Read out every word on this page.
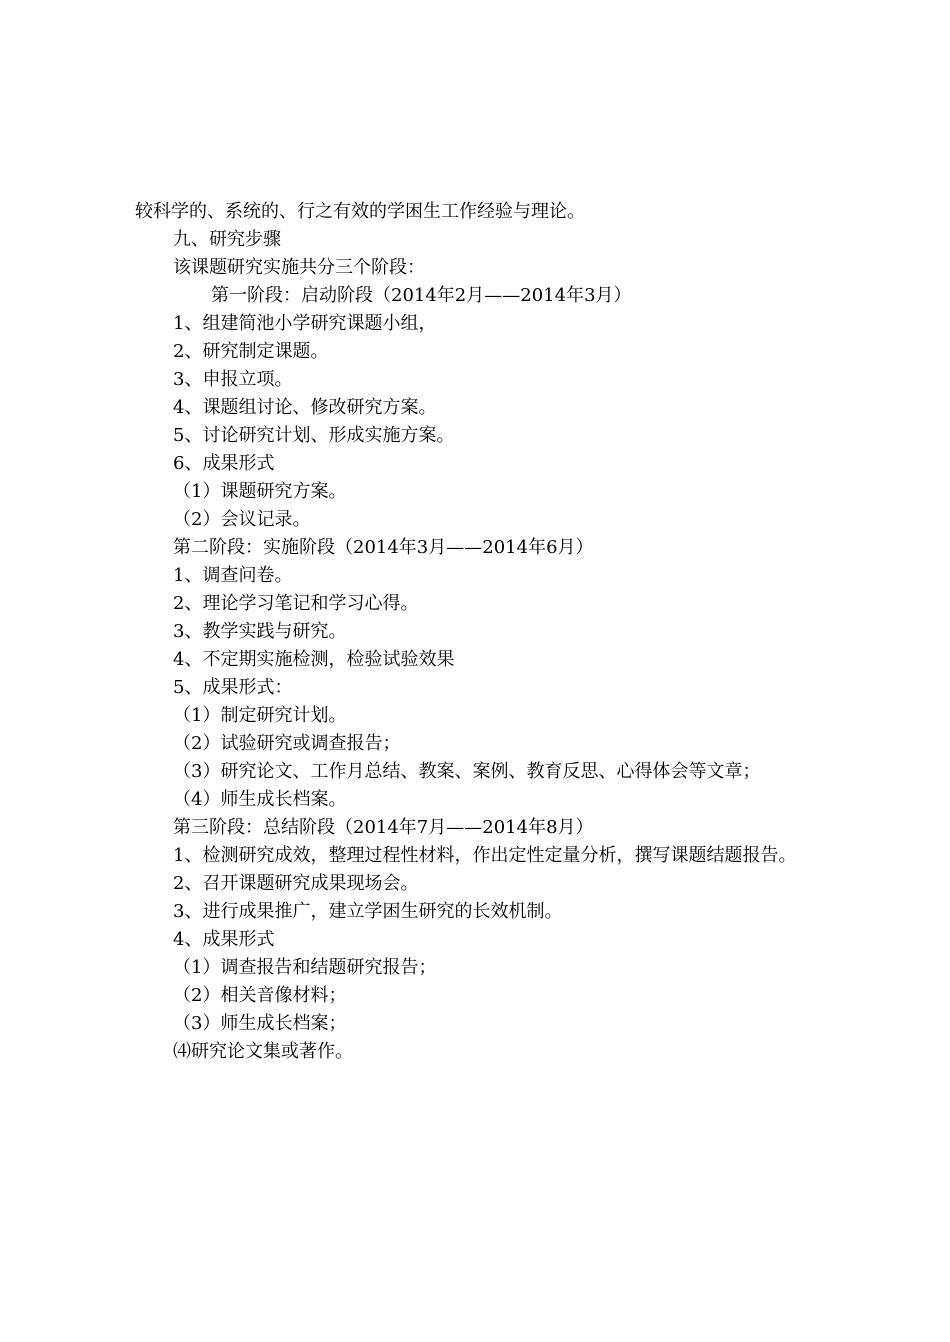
较科学的、系统的、行之有效的学困生工作经验与理论。
九、研究步骤
该课题研究实施共分三个阶段：
第一阶段：启动阶段（2014年2月——2014年3月）
1、组建简池小学研究课题小组，
2、研究制定课题。
3、申报立项。
4、课题组讨论、修改研究方案。
5、讨论研究计划、形成实施方案。
6、成果形式
（1）课题研究方案。
（2）会议记录。
第二阶段：实施阶段（2014年3月——2014年6月）
1、调查问卷。
2、理论学习笔记和学习心得。
3、教学实践与研究。
4、不定期实施检测，检验试验效果
5、成果形式：
（1）制定研究计划。
（2）试验研究或调查报告；
（3）研究论文、工作月总结、教案、案例、教育反思、心得体会等文章；
（4）师生成长档案。
第三阶段：总结阶段（2014年7月——2014年8月）
1、检测研究成效，整理过程性材料，作出定性定量分析，撰写课题结题报告。
2、召开课题研究成果现场会。
3、进行成果推广，建立学困生研究的长效机制。
4、成果形式
（1）调查报告和结题研究报告；
（2）相关音像材料；
（3）师生成长档案；
⑷研究论文集或著作。
